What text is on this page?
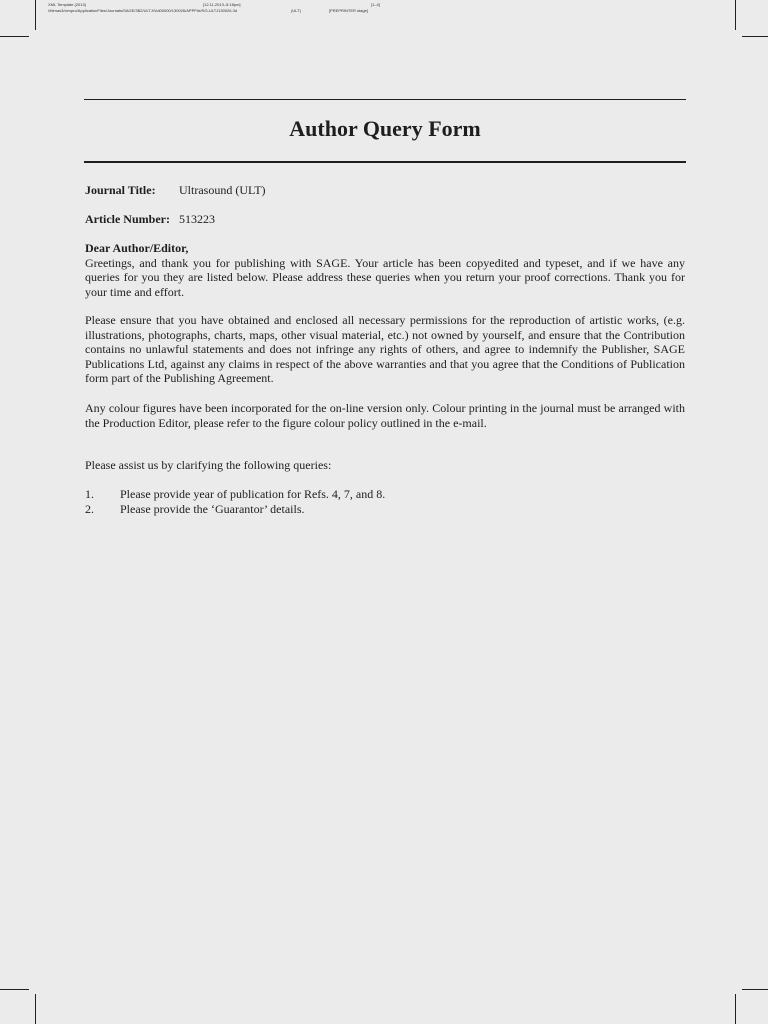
XML Template (2013)	[12.11.2013–5:18pm]	[1–4]
//blrnas3/cenpro/ApplicationFiles/Journals/SAGE/3B2/ULTJ/Vol00000/130026/APPFile/SG-ULTJ130026.3d	(ULT)	[PREPRINTER stage]
Author Query Form
Journal Title: Ultrasound (ULT)
Article Number: 513223

Dear Author/Editor,
Greetings, and thank you for publishing with SAGE. Your article has been copyedited and typeset, and if we have any queries for you they are listed below. Please address these queries when you return your proof corrections. Thank you for your time and effort.

Please ensure that you have obtained and enclosed all necessary permissions for the reproduction of artistic works, (e.g. illustrations, photographs, charts, maps, other visual material, etc.) not owned by yourself, and ensure that the Contribution contains no unlawful statements and does not infringe any rights of others, and agree to indemnify the Publisher, SAGE Publications Ltd, against any claims in respect of the above warranties and that you agree that the Conditions of Publication form part of the Publishing Agreement.

Any colour figures have been incorporated for the on-line version only. Colour printing in the journal must be arranged with the Production Editor, please refer to the figure colour policy outlined in the e-mail.

Please assist us by clarifying the following queries:

1. Please provide year of publication for Refs. 4, 7, and 8.
2. Please provide the ‘Guarantor’ details.
